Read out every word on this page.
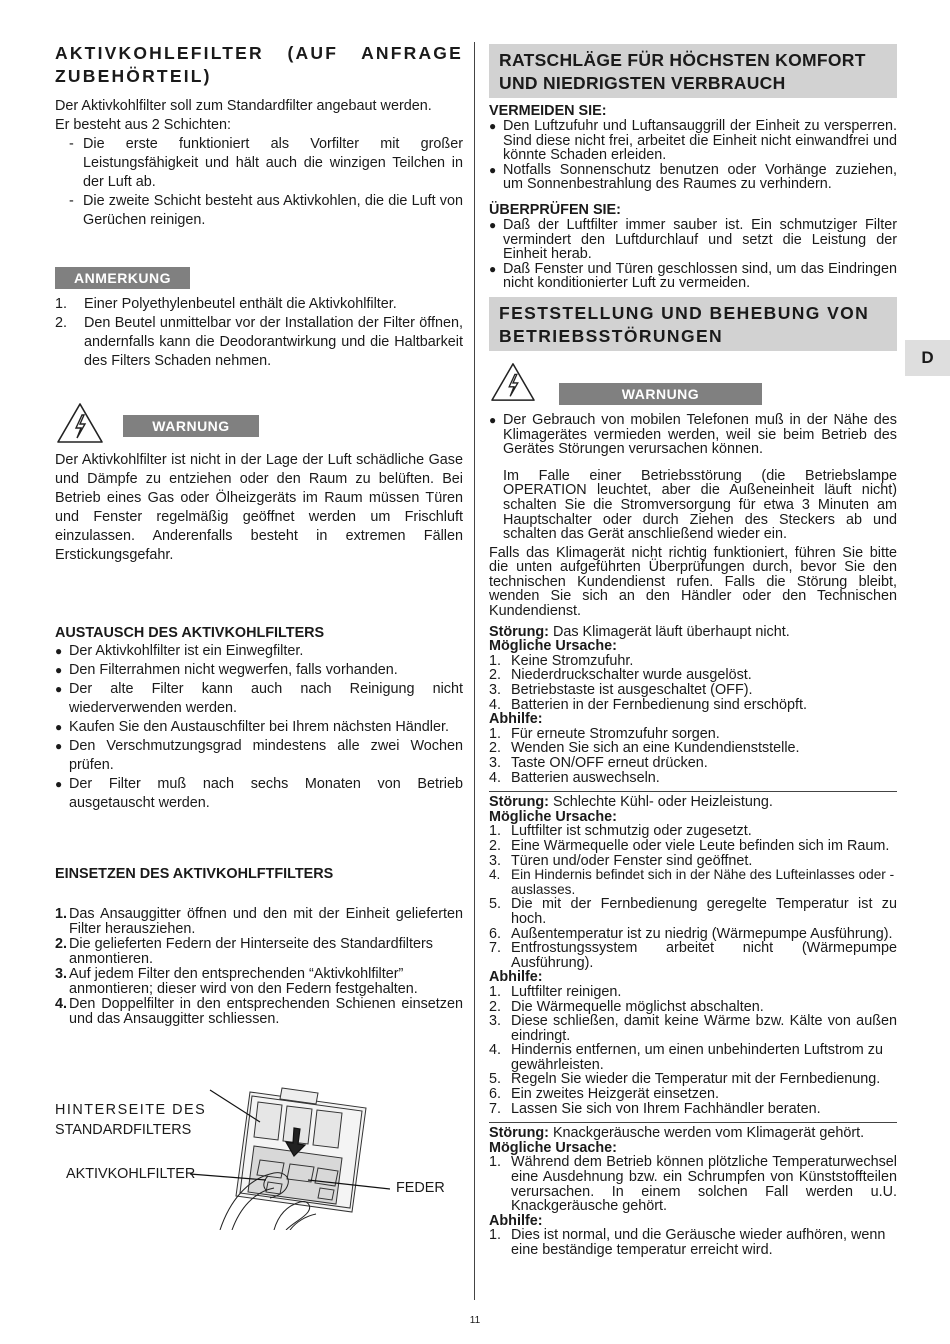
AKTIVKOHLEFILTER (AUF ANFRAGE ZUBEHÖRTEIL)

Der Aktivkohlfilter soll zum Standardfilter angebaut werden.

Er besteht aus 2 Schichten:

- Die erste funktioniert als Vorfilter mit großer Leistungsfähigkeit und hält auch die winzigen Teilchen in der Luft ab.
- Die zweite Schicht besteht aus Aktivkohlen, die die Luft von Gerüchen reinigen.
ANMERKUNG
1. Einer Polyethylenbeutel enthält die Aktivkohlfilter.
2. Den Beutel unmittelbar vor der Installation der Filter öffnen, andernfalls kann die Deodorantwirkung und die Haltbarkeit des Filters Schaden nehmen.
WARNUNG

Der Aktivkohlfilter ist nicht in der Lage der Luft schädliche Gase und Dämpfe zu entziehen oder den Raum zu belüften. Bei Betrieb eines Gas oder Ölheizgeräts im Raum müssen Türen und Fenster regelmäßig geöffnet werden um Frischluft einzulassen. Anderenfalls besteht in extremen Fällen Erstickungsgefahr.

AUSTAUSCH DES AKTIVKOHLFILTERS

● Der Aktivkohlfilter ist ein Einwegfilter.
● Den Filterrahmen nicht wegwerfen, falls vorhanden.
● Der alte Filter kann auch nach Reinigung nicht wiederverwenden werden.
● Kaufen Sie den Austauschfilter bei Ihrem nächsten Händler.
● Den Verschmutzungsgrad mindestens alle zwei Wochen prüfen.
● Der Filter muß nach sechs Monaten von Betrieb ausgetauscht werden.

EINSETZEN DES AKTIVKOHLFTFILTERS

1. Das Ansauggitter öffnen und den mit der Einheit gelieferten Filter herausziehen.
2. Die gelieferten Federn der Hinterseite des Standardfilters anmontieren.
3. Auf jedem Filter den entsprechenden “Aktivkohlfilter” anmontieren; dieser wird von den Federn festgehalten.
4. Den Doppelfilter in den entsprechenden Schienen einsetzen und das Ansauggitter schliessen.
HINTERSEITE DES
STANDARDFILTERS
AKTIVKOHLFILTER
FEDER
RATSCHLÄGE FÜR HÖCHSTEN KOMFORT UND NIEDRIGSTEN VERBRAUCH

VERMEIDEN SIE:

● Den Luftzufuhr und Luftansauggrill der Einheit zu versperren. Sind diese nicht frei, arbeitet die Einheit nicht einwandfrei und könnte Schaden erleiden.
● Notfalls Sonnenschutz benutzen oder Vorhänge zuziehen, um Sonnenbestrahlung des Raumes zu verhindern.

ÜBERPRÜFEN SIE:

● Daß der Luftfilter immer sauber ist. Ein schmutziger Filter vermindert den Luftdurchlauf und setzt die Leistung der Einheit herab.
● Daß Fenster und Türen geschlossen sind, um das Eindringen nicht konditionierter Luft zu vermeiden.
FESTSTELLUNG UND BEHEBUNG VON BETRIEBSSTÖRUNGEN
WARNUNG
● Der Gebrauch von mobilen Telefonen muß in der Nähe des Klimagerätes vermieden werden, weil sie beim Betrieb des Gerätes Störungen verursachen können.

Im Falle einer Betriebsstörung (die Betriebslampe OPERATION leuchtet, aber die Außeneinheit läuft nicht) schalten Sie die Stromversorgung für etwa 3 Minuten am Hauptschalter oder durch Ziehen des Steckers ab und schalten das Gerät anschließend wieder ein.

Falls das Klimagerät nicht richtig funktioniert, führen Sie bitte die unten aufgeführten Überprüfungen durch, bevor Sie den technischen Kundendienst rufen. Falls die Störung bleibt, wenden Sie sich an den Händler oder den Technischen Kundendienst.

Störung: Das Klimagerät läuft überhaupt nicht.

Mögliche Ursache:

1. Keine Stromzufuhr.
2. Niederdruckschalter wurde ausgelöst.
3. Betriebstaste ist ausgeschaltet (OFF).
4. Batterien in der Fernbedienung sind erschöpft.

Abhilfe:

1. Für erneute Stromzufuhr sorgen.
2. Wenden Sie sich an eine Kundendienststelle.
3. Taste ON/OFF erneut drücken.
4. Batterien auswechseln.

Störung: Schlechte Kühl- oder Heizleistung.

Mögliche Ursache:

1. Luftfilter ist schmutzig oder zugesetzt.
2. Eine Wärmequelle oder viele Leute befinden sich im Raum.
3. Türen und/oder Fenster sind geöffnet.
4. Ein Hindernis befindet sich in der Nähe des Lufteinlasses oder -auslasses.
5. Die mit der Fernbedienung geregelte Temperatur ist zu hoch.
6. Außentemperatur ist zu niedrig (Wärmepumpe Ausführung).
7. Entfrostungssystem arbeitet nicht (Wärmepumpe Ausführung).

Abhilfe:

1. Luftfilter reinigen.
2. Die Wärmequelle möglichst abschalten.
3. Diese schließen, damit keine Wärme bzw. Kälte von außen eindringt.
4. Hindernis entfernen, um einen unbehinderten Luftstrom zu gewährleisten.
5. Regeln Sie wieder die Temperatur mit der Fernbedienung.
6. Ein zweites Heizgerät einsetzen.
7. Lassen Sie sich von Ihrem Fachhändler beraten.

Störung: Knackgeräusche werden vom Klimagerät gehört.

Mögliche Ursache:

1. Während dem Betrieb können plötzliche Temperaturwechsel eine Ausdehnung bzw. ein Schrumpfen von Künststoffteilen verursachen. In einem solchen Fall werden u.U. Knackgeräusche gehört.

Abhilfe:

1. Dies ist normal, und die Geräusche wieder aufhören, wenn eine beständige temperatur erreicht wird.
D
11
